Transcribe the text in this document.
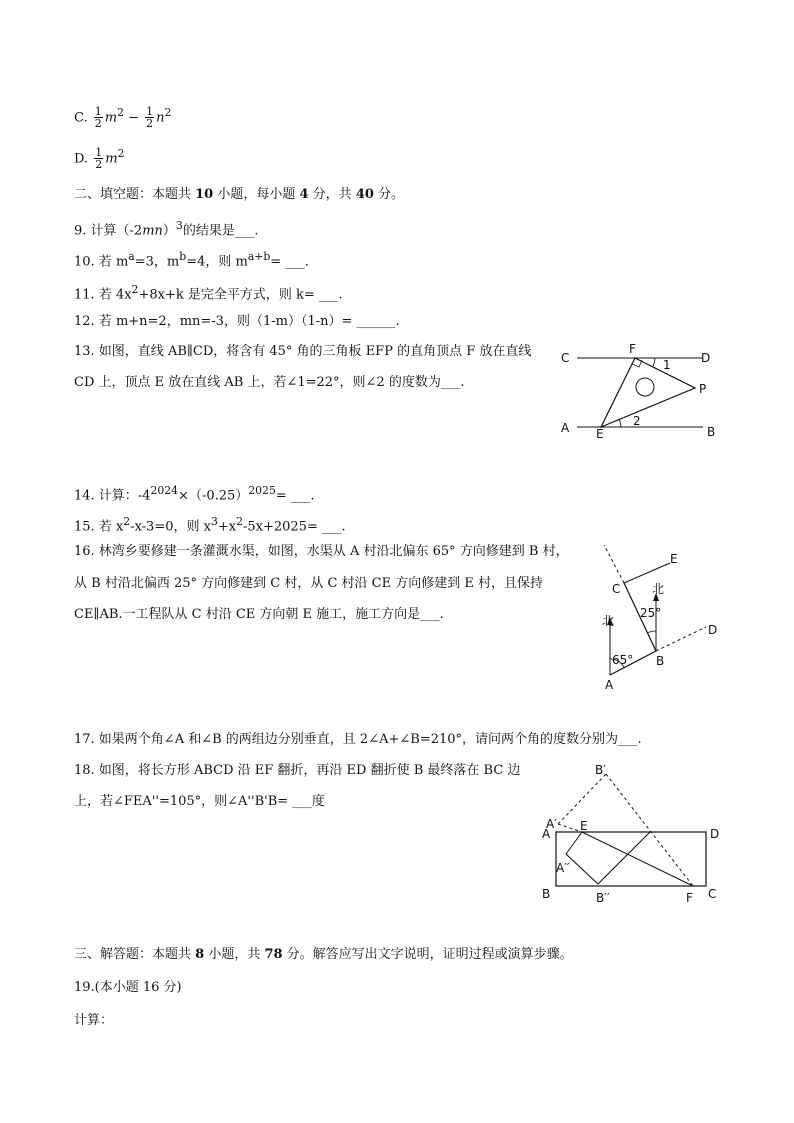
C. $\frac{1}{2} m^2 - \frac{1}{2} n^2$
D. $\frac{1}{2} m^2$
二、填空题：本题共 10 小题，每小题 4 分，共 40 分。
9. 计算$(-2mn)^3$的结果是___.
10. 若 $m^a=3$，$m^b=4$，则 $m^{a+b}=$ ___.
11. 若 $4x^2+8x+k$ 是完全平方式，则 k= ___.
12. 若 m+n=2，mn=-3，则（1-m）（1-n）= ______.
13. 如图，直线 AB∥CD，将含有 45° 角的三角板 EFP 的直角顶点 F 放在直线
CD 上，顶点 E 放在直线 AB 上，若∠1=22°，则∠2 的度数为___.
C
F
D
1
P
A E
2
B
14. 计算：$-4^{2024}\times(-0.25)^{2025}=$ ___.
15. 若 $x^2-x-3=0$，则 $x^3+x^2-5x+2025=$ ___.
16. 林湾乡要修建一条灌溉水渠，如图，水渠从 A 村沿北偏东 65° 方向修建到 B 村，
从 B 村沿北偏西 25° 方向修建到 C 村，从 C 村沿 CE 方向修建到 E 村，且保持
CE∥AB.一工程队从 C 村沿 CE 方向朝 E 施工，施工方向是___.
E
C	北
北
25°
65° B
D
A
17. 如果两个角∠A 和∠B 的两组边分别垂直，且 2∠A+∠B=210°，请问两个角的度数分别为___.
18. 如图，将长方形 ABCD 沿 EF 翻折，再沿 ED 翻折使 B 最终落在 BC 边
上，若∠FEA''=105°，则∠A''B'B= ___度
B′
A′
A
E
D
A′′
B	B′′	F C
三、解答题：本题共 8 小题，共 78 分。解答应写出文字说明，证明过程或演算步骤。
19.(本小题 16 分)
计算：
